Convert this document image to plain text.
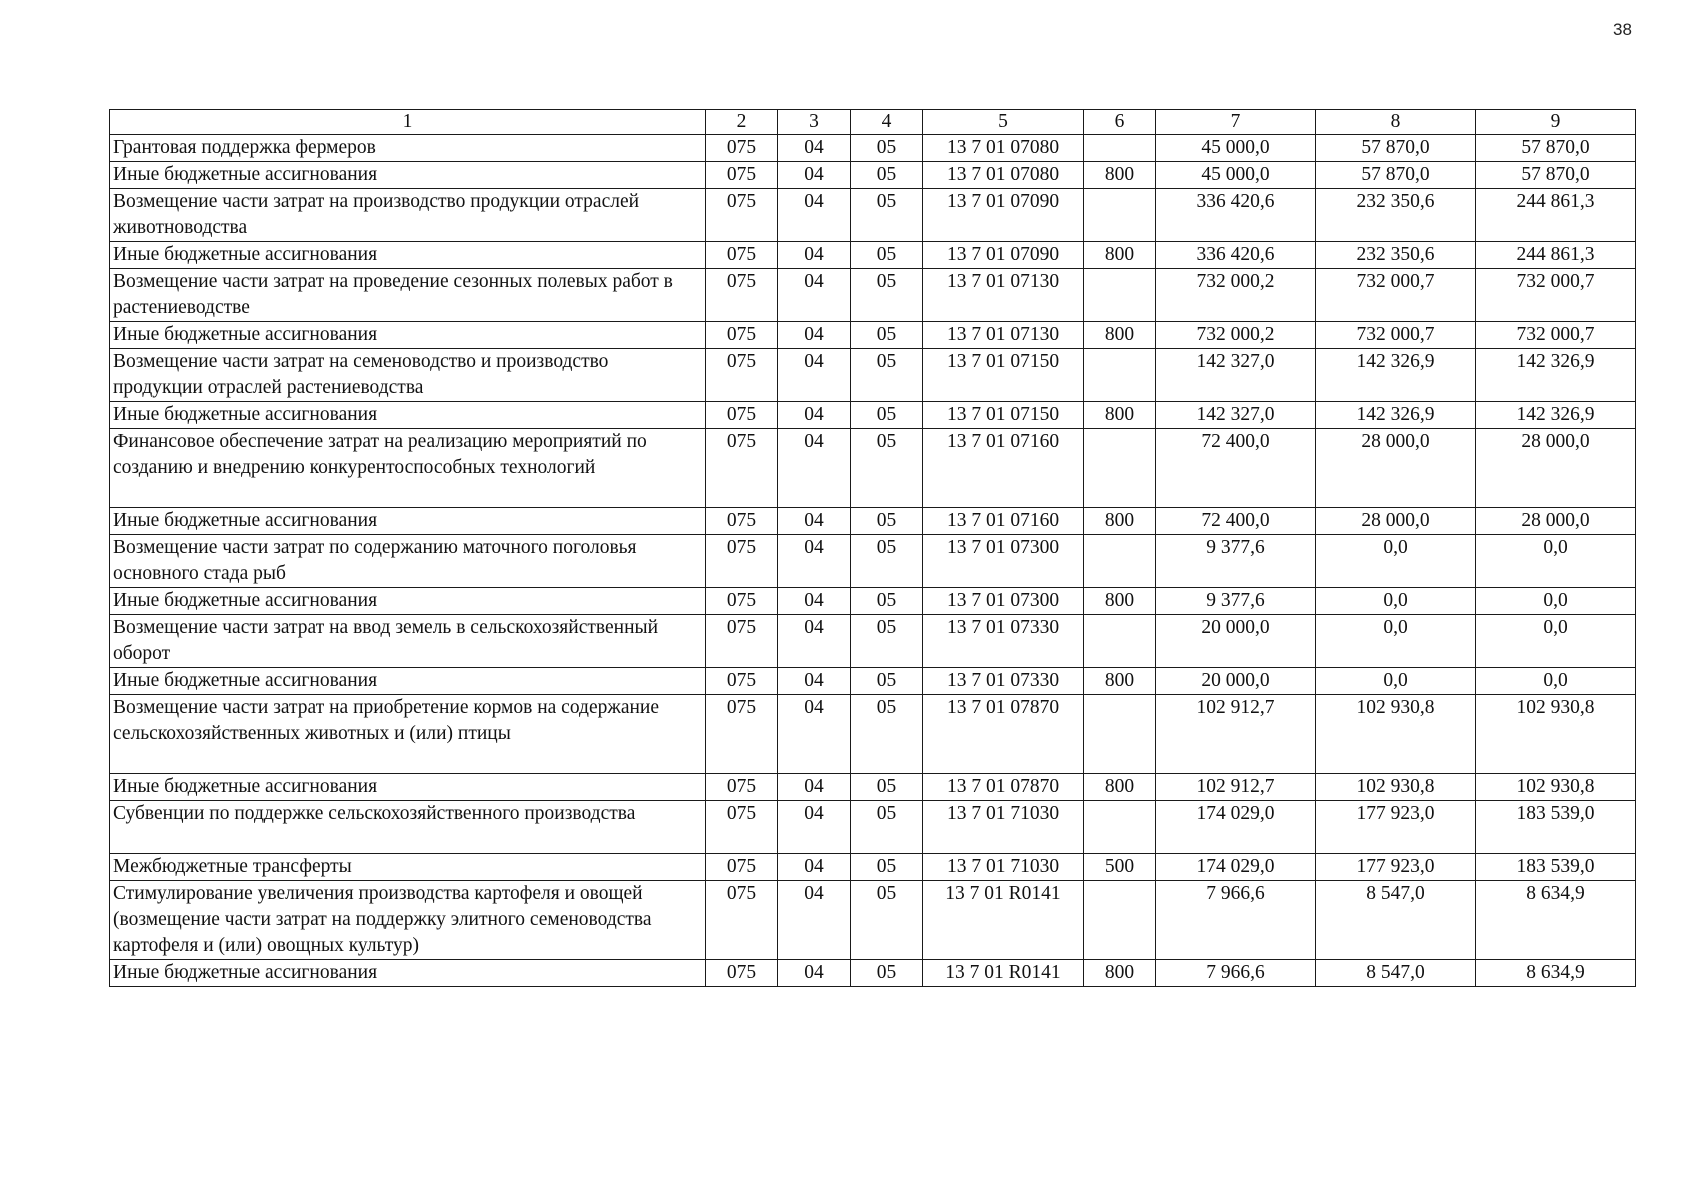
38
1	2	3	4	5	6	7	8	9
Грантовая поддержка фермеров	075	04	05	13 7 01 07080		45 000,0	57 870,0	57 870,0
Иные бюджетные ассигнования	075	04	05	13 7 01 07080	800	45 000,0	57 870,0	57 870,0
Возмещение части затрат на производство продукции отраслей животноводства	075	04	05	13 7 01 07090		336 420,6	232 350,6	244 861,3
Иные бюджетные ассигнования	075	04	05	13 7 01 07090	800	336 420,6	232 350,6	244 861,3
Возмещение части затрат на проведение сезонных полевых работ в растениеводстве	075	04	05	13 7 01 07130		732 000,2	732 000,7	732 000,7
Иные бюджетные ассигнования	075	04	05	13 7 01 07130	800	732 000,2	732 000,7	732 000,7
Возмещение части затрат на семеноводство и производство продукции отраслей растениеводства	075	04	05	13 7 01 07150		142 327,0	142 326,9	142 326,9
Иные бюджетные ассигнования	075	04	05	13 7 01 07150	800	142 327,0	142 326,9	142 326,9
Финансовое обеспечение затрат на реализацию мероприятий по созданию и внедрению конкурентоспособных технологий	075	04	05	13 7 01 07160		72 400,0	28 000,0	28 000,0
Иные бюджетные ассигнования	075	04	05	13 7 01 07160	800	72 400,0	28 000,0	28 000,0
Возмещение части затрат по содержанию маточного поголовья основного стада рыб	075	04	05	13 7 01 07300		9 377,6	0,0	0,0
Иные бюджетные ассигнования	075	04	05	13 7 01 07300	800	9 377,6	0,0	0,0
Возмещение части затрат на ввод земель в сельскохозяйственный оборот	075	04	05	13 7 01 07330		20 000,0	0,0	0,0
Иные бюджетные ассигнования	075	04	05	13 7 01 07330	800	20 000,0	0,0	0,0
Возмещение части затрат на приобретение кормов на содержание сельскохозяйственных животных и (или) птицы	075	04	05	13 7 01 07870		102 912,7	102 930,8	102 930,8
Иные бюджетные ассигнования	075	04	05	13 7 01 07870	800	102 912,7	102 930,8	102 930,8
Субвенции по поддержке сельскохозяйственного производства	075	04	05	13 7 01 71030		174 029,0	177 923,0	183 539,0
Межбюджетные трансферты	075	04	05	13 7 01 71030	500	174 029,0	177 923,0	183 539,0
Стимулирование увеличения производства картофеля и овощей (возмещение части затрат на поддержку элитного семеноводства картофеля и (или) овощных культур)	075	04	05	13 7 01 R0141		7 966,6	8 547,0	8 634,9
Иные бюджетные ассигнования	075	04	05	13 7 01 R0141	800	7 966,6	8 547,0	8 634,9
